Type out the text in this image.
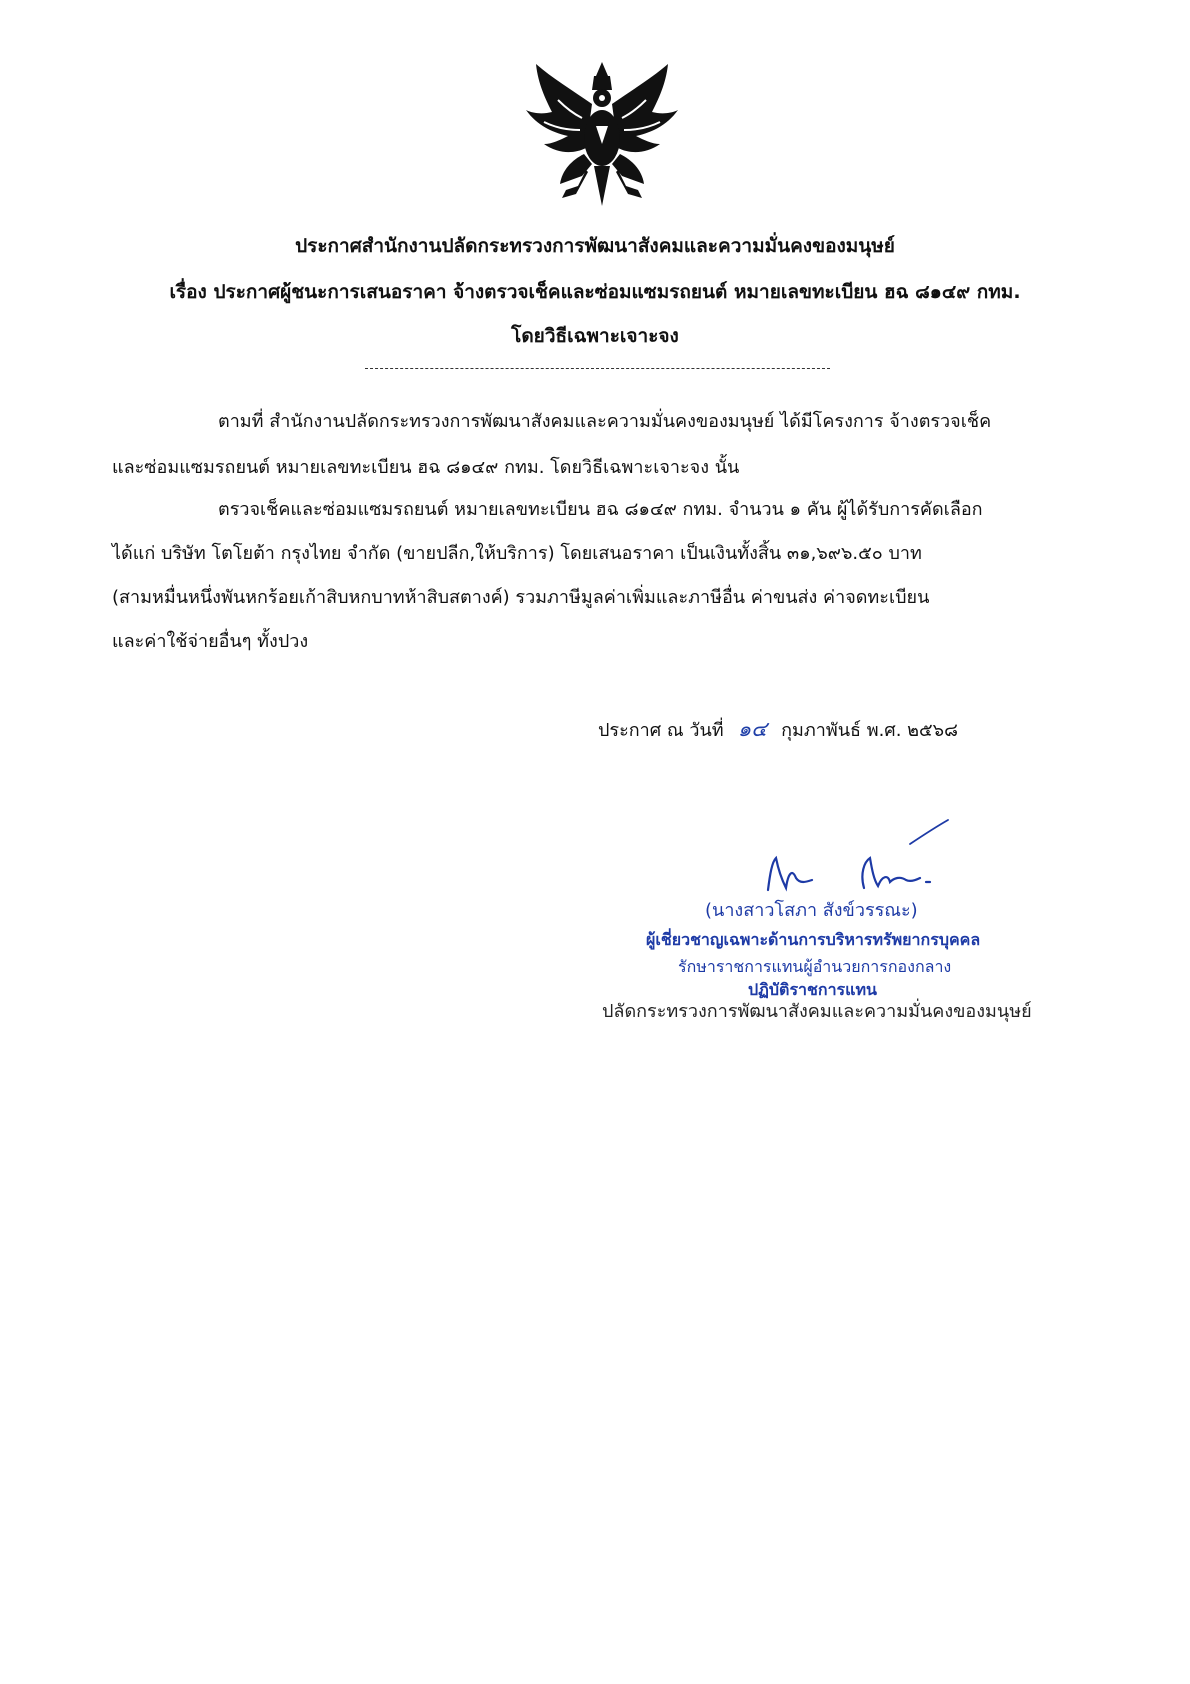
ประกาศสำนักงานปลัดกระทรวงการพัฒนาสังคมและความมั่นคงของมนุษย์
เรื่อง ประกาศผู้ชนะการเสนอราคา จ้างตรวจเช็คและซ่อมแซมรถยนต์ หมายเลขทะเบียน ฮฉ ๘๑๔๙ กทม.
โดยวิธีเฉพาะเจาะจง
ตามที่ สำนักงานปลัดกระทรวงการพัฒนาสังคมและความมั่นคงของมนุษย์ ได้มีโครงการ จ้างตรวจเช็ค
และซ่อมแซมรถยนต์ หมายเลขทะเบียน ฮฉ ๘๑๔๙ กทม. โดยวิธีเฉพาะเจาะจง นั้น
ตรวจเช็คและซ่อมแซมรถยนต์ หมายเลขทะเบียน ฮฉ ๘๑๔๙ กทม. จำนวน ๑ คัน ผู้ได้รับการคัดเลือก
ได้แก่ บริษัท โตโยต้า กรุงไทย จำกัด (ขายปลีก,ให้บริการ) โดยเสนอราคา เป็นเงินทั้งสิ้น ๓๑,๖๙๖.๕๐ บาท
(สามหมื่นหนึ่งพันหกร้อยเก้าสิบหกบาทห้าสิบสตางค์) รวมภาษีมูลค่าเพิ่มและภาษีอื่น ค่าขนส่ง ค่าจดทะเบียน
และค่าใช้จ่ายอื่นๆ ทั้งปวง
ประกาศ ณ วันที่ ๑๔ กุมภาพันธ์ พ.ศ. ๒๕๖๘
(นางสาวโสภา สังข์วรรณะ)
ผู้เชี่ยวชาญเฉพาะด้านการบริหารทรัพยากรบุคคล
รักษาราชการแทนผู้อำนวยการกองกลาง
ปฏิบัติราชการแทน
ปลัดกระทรวงการพัฒนาสังคมและความมั่นคงของมนุษย์
